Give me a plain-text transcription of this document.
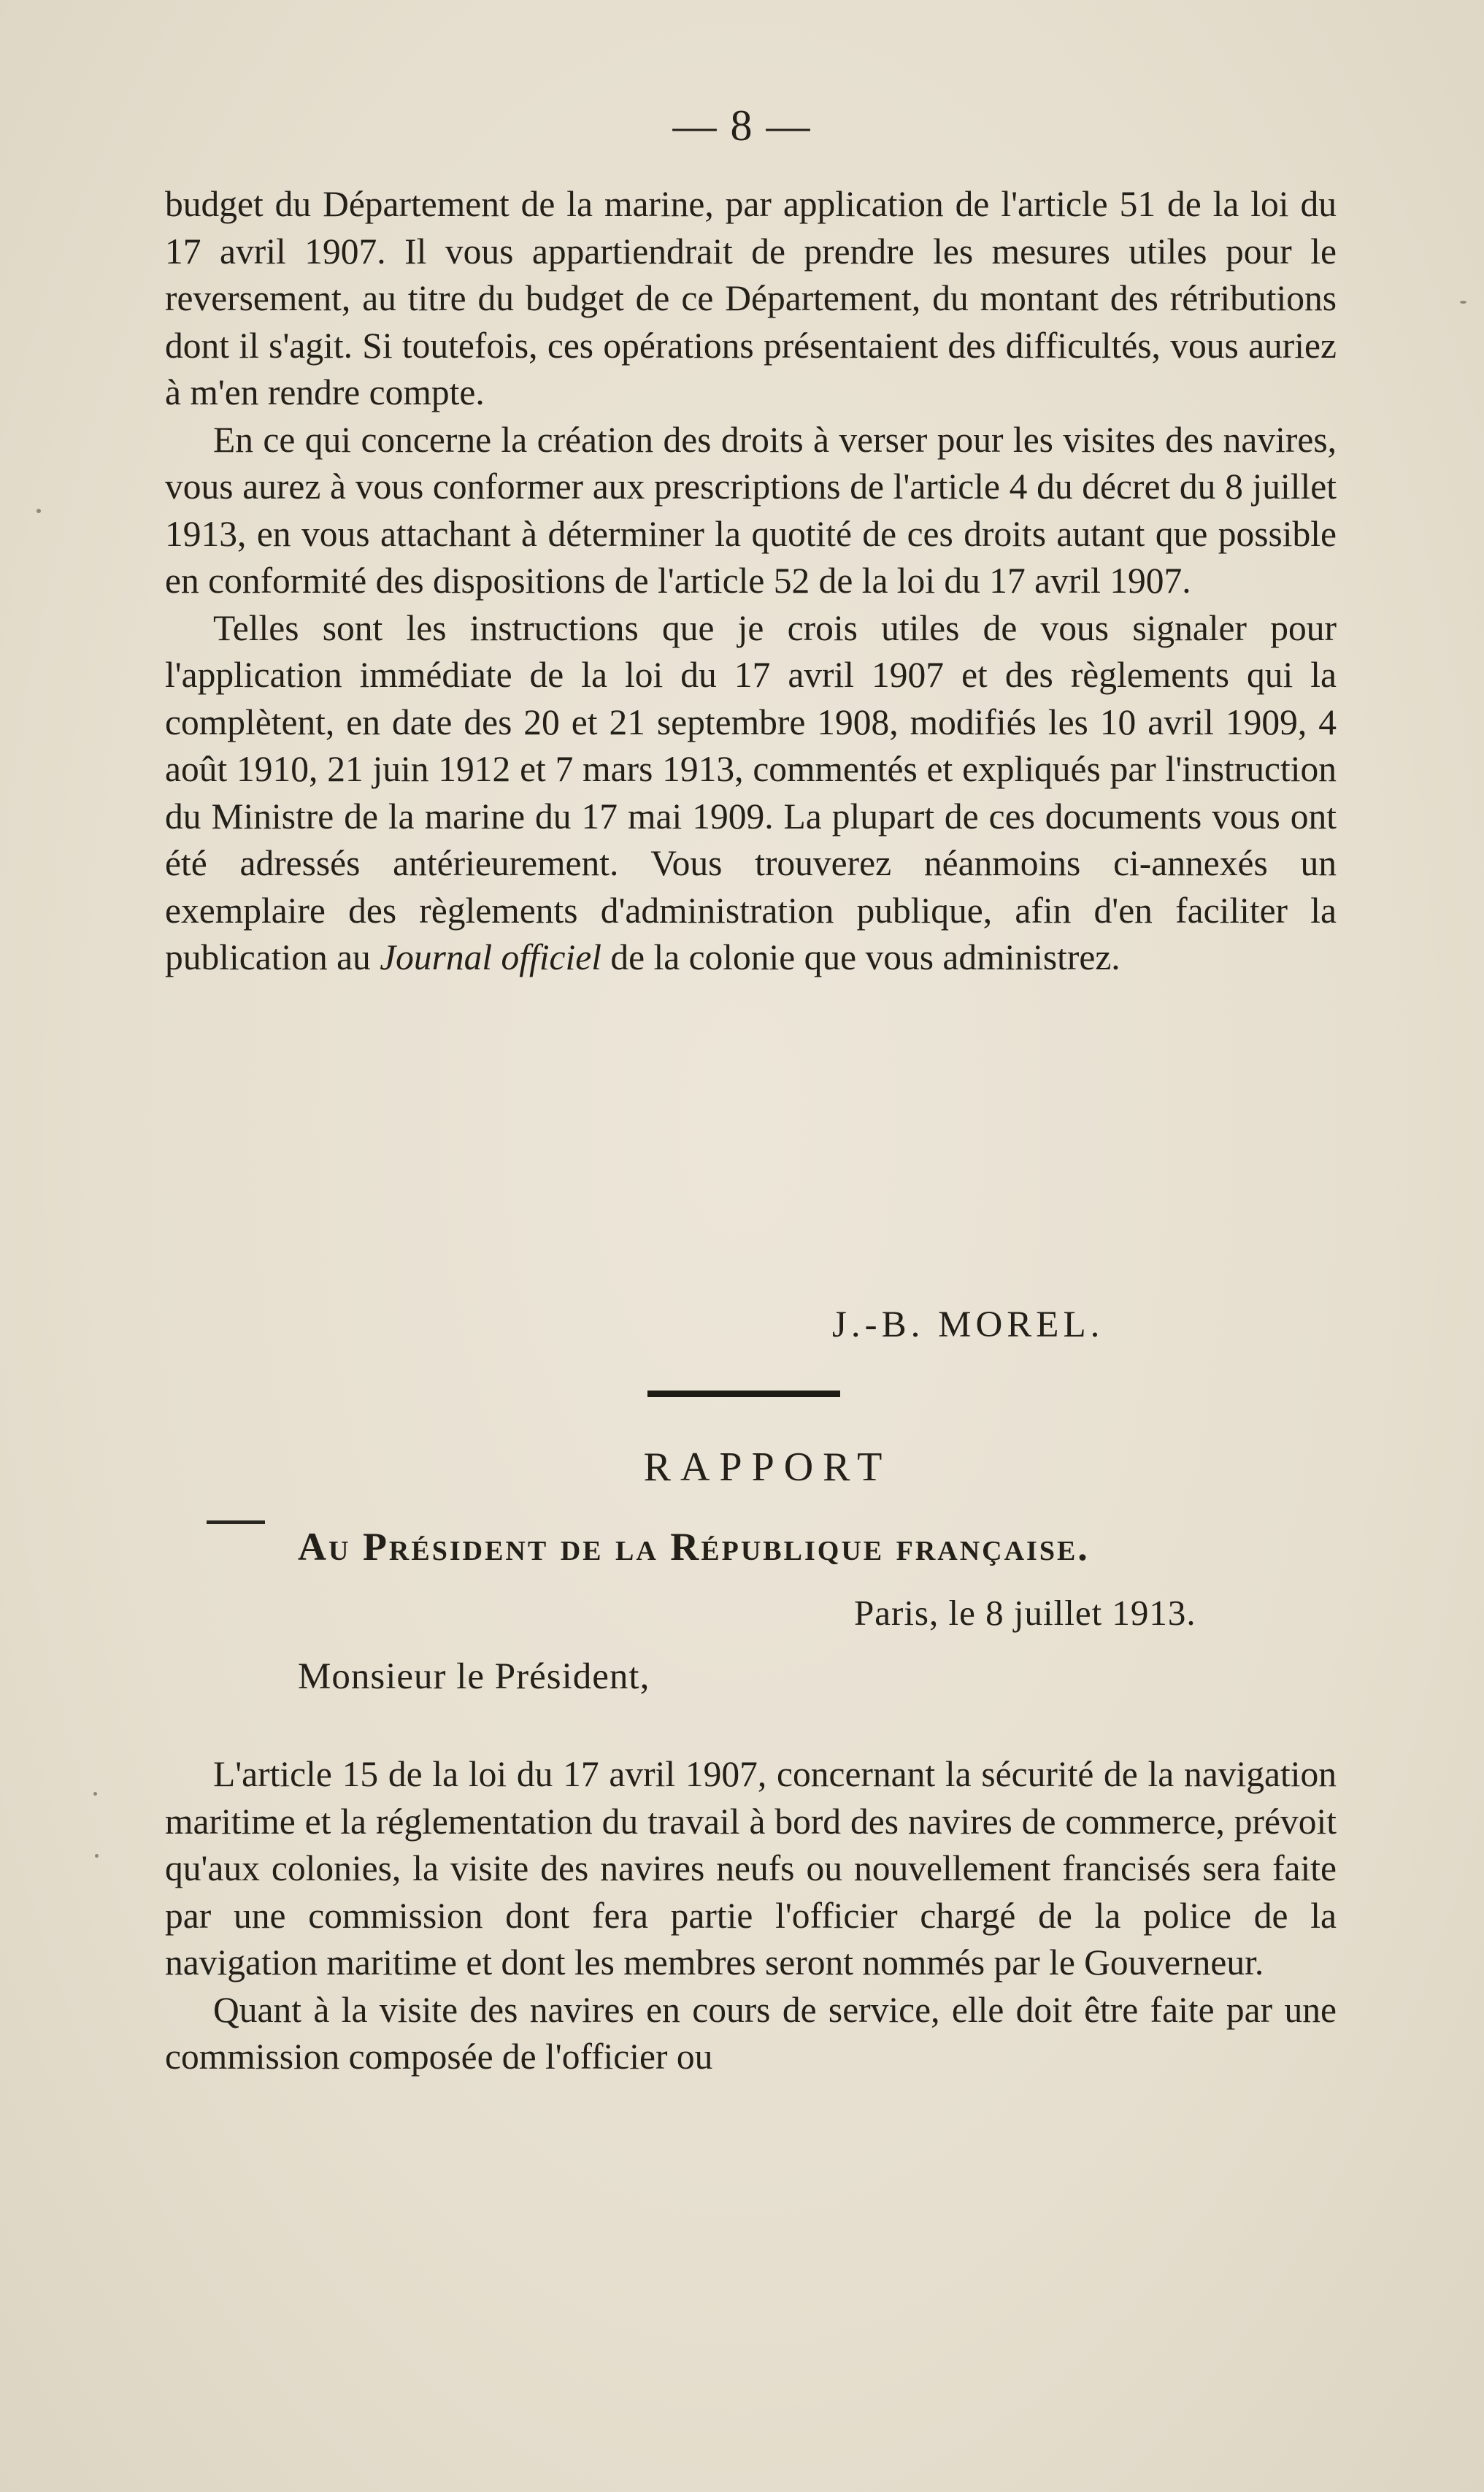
— 8 —

budget du Département de la marine, par application de l'article 51 de la loi du 17 avril 1907. Il vous appartiendrait de prendre les mesures utiles pour le reversement, au titre du budget de ce Département, du montant des rétributions dont il s'agit. Si toutefois, ces opérations présentaient des difficultés, vous auriez à m'en rendre compte.

En ce qui concerne la création des droits à verser pour les visites des navires, vous aurez à vous conformer aux prescriptions de l'article 4 du décret du 8 juillet 1913, en vous attachant à déterminer la quotité de ces droits autant que possible en conformité des dispositions de l'article 52 de la loi du 17 avril 1907.

Telles sont les instructions que je crois utiles de vous signaler pour l'application immédiate de la loi du 17 avril 1907 et des règlements qui la complètent, en date des 20 et 21 septembre 1908, modifiés les 10 avril 1909, 4 août 1910, 21 juin 1912 et 7 mars 1913, commentés et expliqués par l'instruction du Ministre de la marine du 17 mai 1909. La plupart de ces documents vous ont été adressés antérieurement. Vous trouverez néanmoins ci-annexés un exemplaire des règlements d'administration publique, afin d'en faciliter la publication au Journal officiel de la colonie que vous administrez.

J.-B. MOREL.
RAPPORT
Au Président de la République française.
Paris, le 8 juillet 1913.
Monsieur le Président,

L'article 15 de la loi du 17 avril 1907, concernant la sécurité de la navigation maritime et la réglementation du travail à bord des navires de commerce, prévoit qu'aux colonies, la visite des navires neufs ou nouvellement francisés sera faite par une commission dont fera partie l'officier chargé de la police de la navigation maritime et dont les membres seront nommés par le Gouverneur.

Quant à la visite des navires en cours de service, elle doit être faite par une commission composée de l'officier ou
